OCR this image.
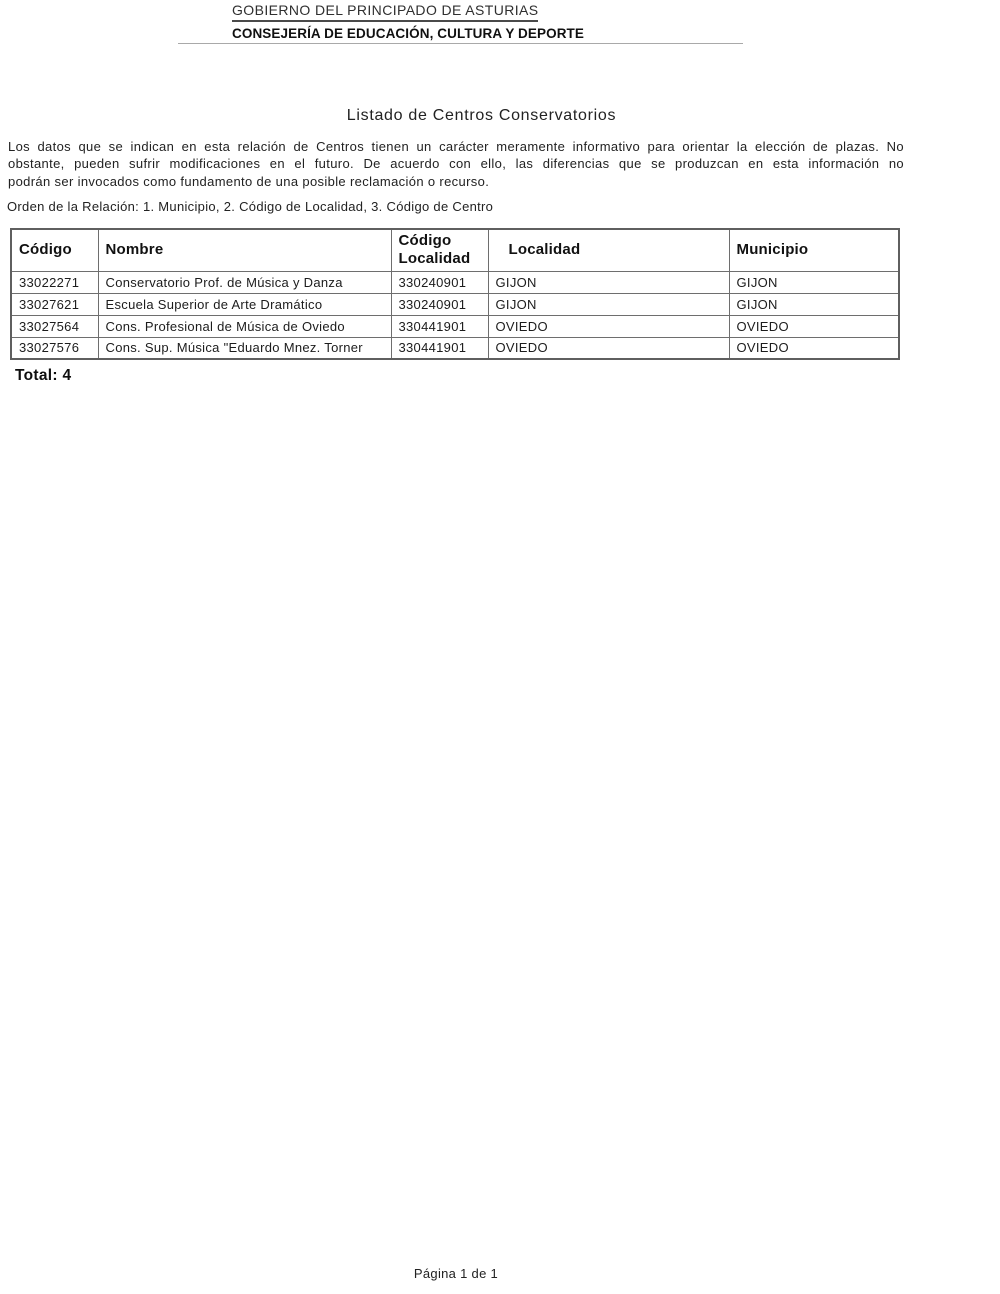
GOBIERNO DEL PRINCIPADO DE ASTURIAS
CONSEJERÍA DE EDUCACIÓN, CULTURA Y DEPORTE
Listado de Centros Conservatorios
Los datos que se indican en esta relación de Centros tienen un carácter meramente informativo para orientar la elección de plazas. No
obstante, pueden sufrir modificaciones en el futuro. De acuerdo con ello, las diferencias que se produzcan en esta información no
podrán ser invocados como fundamento de una posible reclamación o recurso.
Orden de la Relación: 1. Municipio, 2. Código de Localidad, 3. Código de Centro
Código	Nombre	Código Localidad	Localidad	Municipio
33022271	Conservatorio Prof. de Música y Danza	330240901	GIJON	GIJON
33027621	Escuela Superior de Arte Dramático	330240901	GIJON	GIJON
33027564	Cons. Profesional de Música de Oviedo	330441901	OVIEDO	OVIEDO
33027576	Cons. Sup. Música "Eduardo Mnez. Torner	330441901	OVIEDO	OVIEDO
Total: 4
Página 1 de 1
